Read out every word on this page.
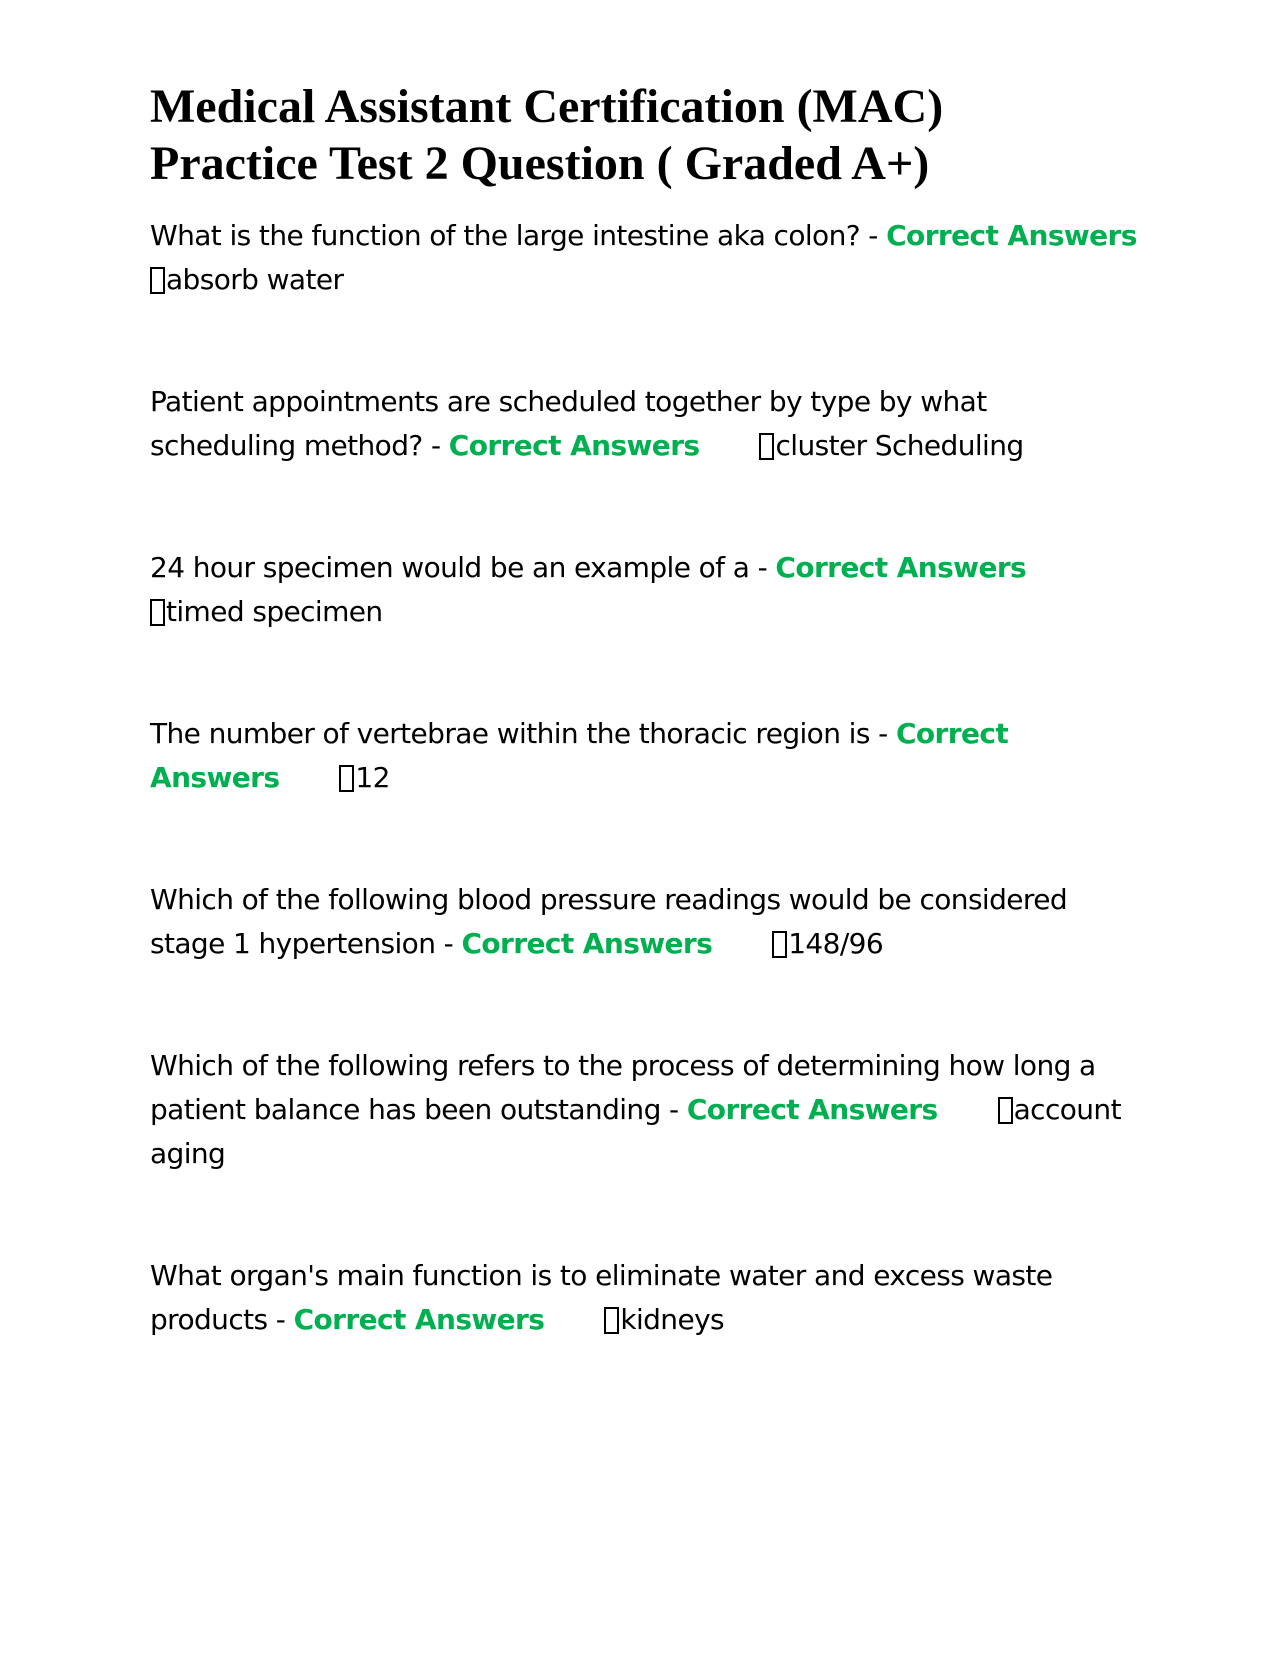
Medical Assistant Certification (MAC)
Practice Test 2 Question ( Graded A+)

What is the function of the large intestine aka colon? - Correct Answers
absorb water

Patient appointments are scheduled together by type by what scheduling method? - Correct Answers	cluster Scheduling

24 hour specimen would be an example of a - Correct Answers
timed specimen

The number of vertebrae within the thoracic region is - Correct Answers	12

Which of the following blood pressure readings would be considered stage 1 hypertension - Correct Answers	148/96

Which of the following refers to the process of determining how long a patient balance has been outstanding - Correct Answers	account aging

What organ's main function is to eliminate water and excess waste products - Correct Answers	kidneys
